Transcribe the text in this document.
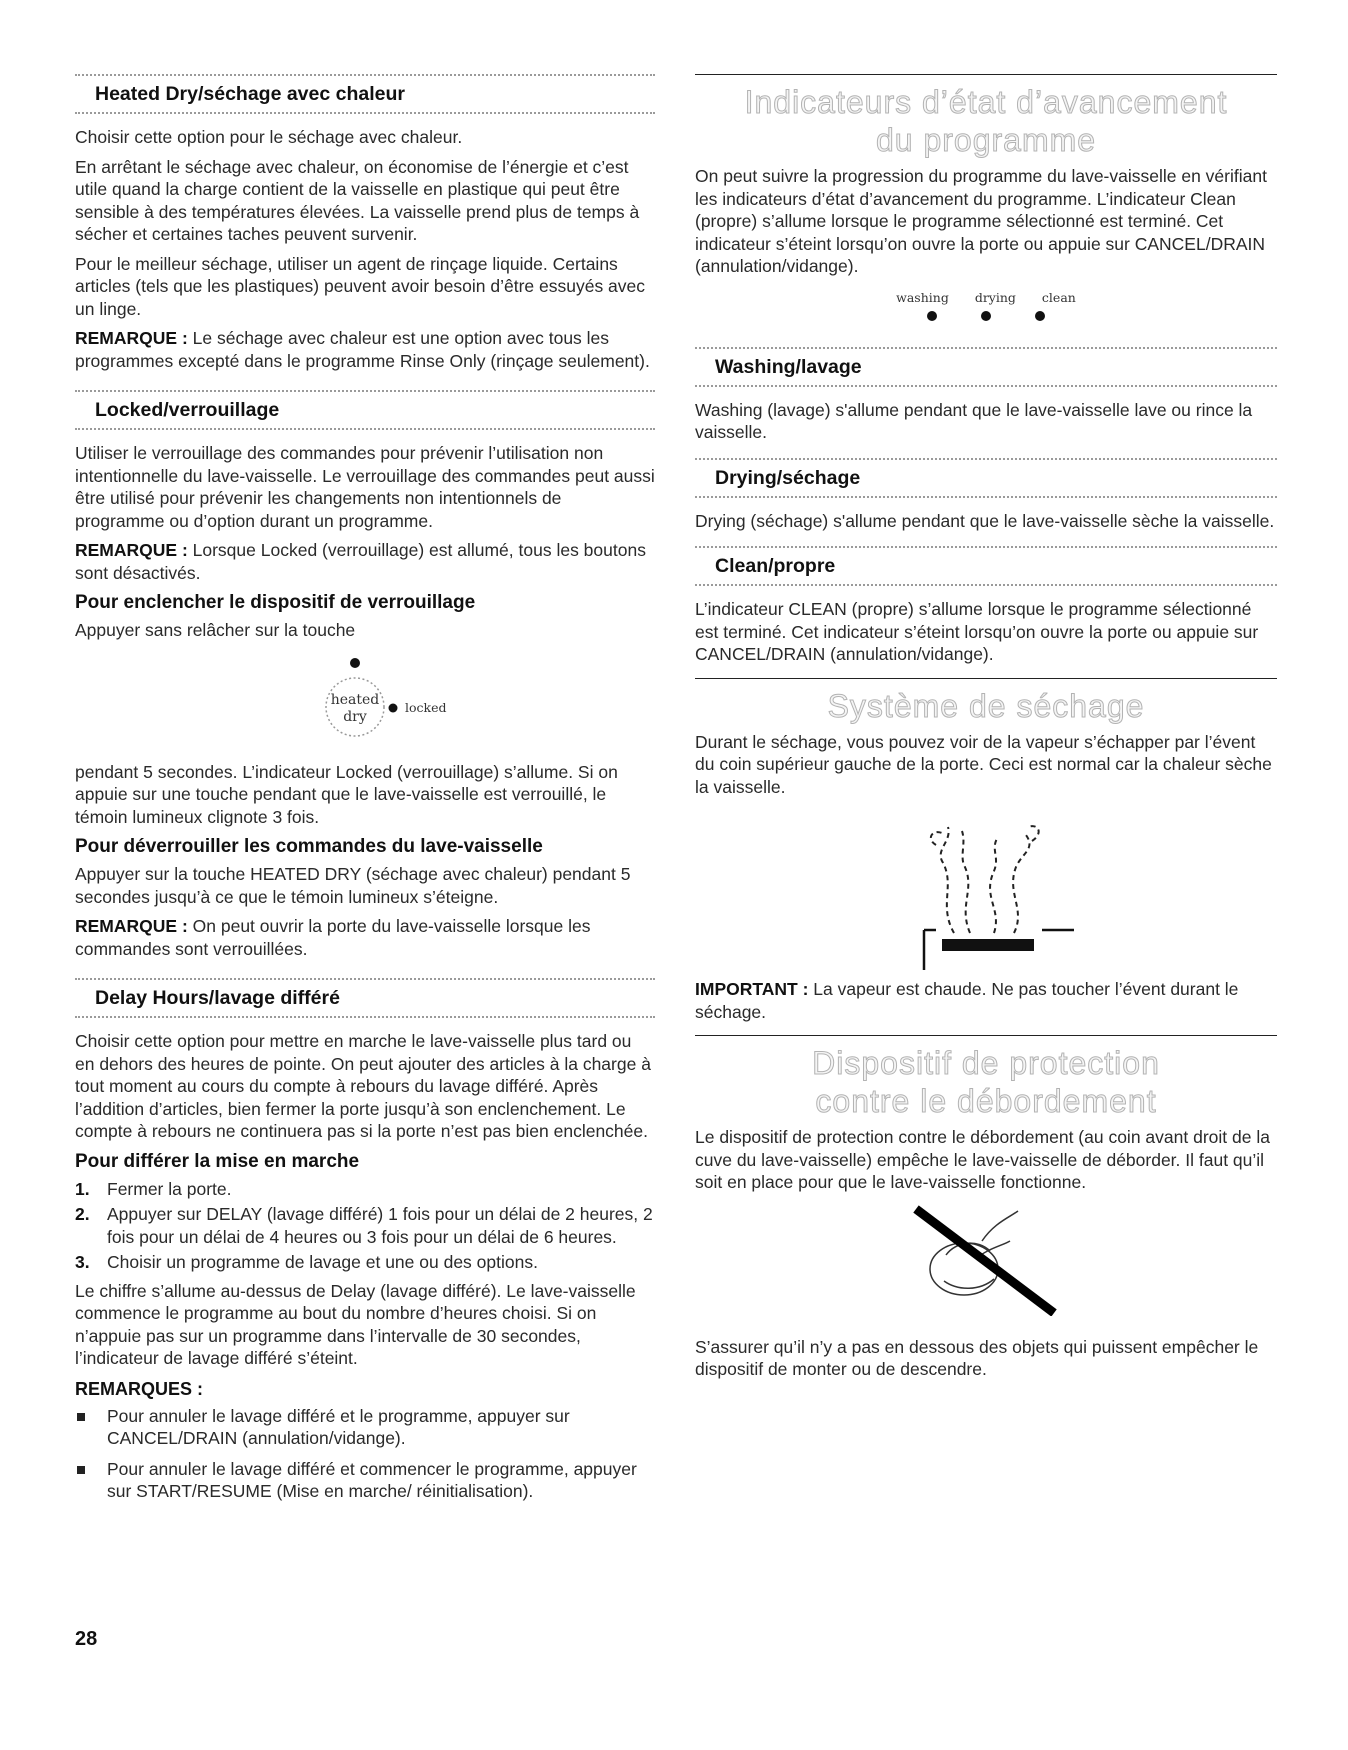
Heated Dry/séchage avec chaleur

Choisir cette option pour le séchage avec chaleur.

En arrêtant le séchage avec chaleur, on économise de l’énergie et c’est utile quand la charge contient de la vaisselle en plastique qui peut être sensible à des températures élevées. La vaisselle prend plus de temps à sécher et certaines taches peuvent survenir.

Pour le meilleur séchage, utiliser un agent de rinçage liquide. Certains articles (tels que les plastiques) peuvent avoir besoin d’être essuyés avec un linge.

REMARQUE : Le séchage avec chaleur est une option avec tous les programmes excepté dans le programme Rinse Only (rinçage seulement).

Locked/verrouillage

Utiliser le verrouillage des commandes pour prévenir l’utilisation non intentionnelle du lave-vaisselle. Le verrouillage des commandes peut aussi être utilisé pour prévenir les changements non intentionnels de programme ou d’option durant un programme.

REMARQUE : Lorsque Locked (verrouillage) est allumé, tous les boutons sont désactivés.

Pour enclencher le dispositif de verrouillage

Appuyer sans relâcher sur la touche

heated
dry
locked

pendant 5 secondes. L’indicateur Locked (verrouillage) s’allume. Si on appuie sur une touche pendant que le lave-vaisselle est verrouillé, le témoin lumineux clignote 3 fois.

Pour déverrouiller les commandes du lave-vaisselle

Appuyer sur la touche HEATED DRY (séchage avec chaleur) pendant 5 secondes jusqu’à ce que le témoin lumineux s’éteigne.

REMARQUE : On peut ouvrir la porte du lave-vaisselle lorsque les commandes sont verrouillées.

Delay Hours/lavage différé

Choisir cette option pour mettre en marche le lave-vaisselle plus tard ou en dehors des heures de pointe. On peut ajouter des articles à la charge à tout moment au cours du compte à rebours du lavage différé. Après l’addition d’articles, bien fermer la porte jusqu’à son enclenchement. Le compte à rebours ne continuera pas si la porte n’est pas bien enclenchée.

Pour différer la mise en marche
1. Fermer la porte.
2. Appuyer sur DELAY (lavage différé) 1 fois pour un délai de 2 heures, 2 fois pour un délai de 4 heures ou 3 fois pour un délai de 6 heures.
3. Choisir un programme de lavage et une ou des options.

Le chiffre s’allume au-dessus de Delay (lavage différé). Le lave-vaisselle commence le programme au bout du nombre d’heures choisi. Si on n’appuie pas sur un programme dans l’intervalle de 30 secondes, l’indicateur de lavage différé s’éteint.

REMARQUES :
Pour annuler le lavage différé et le programme, appuyer sur CANCEL/DRAIN (annulation/vidange).
Pour annuler le lavage différé et commencer le programme, appuyer sur START/RESUME (Mise en marche/ réinitialisation).
28
Indicateurs d’état d’avancement
du programme

On peut suivre la progression du programme du lave-vaisselle en vérifiant les indicateurs d’état d’avancement du programme. L’indicateur Clean (propre) s’allume lorsque le programme sélectionné est terminé. Cet indicateur s’éteint lorsqu’on ouvre la porte ou appuie sur CANCEL/DRAIN (annulation/vidange).

washing drying clean
Washing/lavage

Washing (lavage) s'allume pendant que le lave-vaisselle lave ou rince la vaisselle.

Drying/séchage

Drying (séchage) s'allume pendant que le lave-vaisselle sèche la vaisselle.

Clean/propre

L’indicateur CLEAN (propre) s’allume lorsque le programme sélectionné est terminé. Cet indicateur s’éteint lorsqu’on ouvre la porte ou appuie sur CANCEL/DRAIN (annulation/vidange).

Système de séchage

Durant le séchage, vous pouvez voir de la vapeur s’échapper par l’évent du coin supérieur gauche de la porte. Ceci est normal car la chaleur sèche la vaisselle.

IMPORTANT : La vapeur est chaude. Ne pas toucher l’évent durant le séchage.

Dispositif de protection
contre le débordement

Le dispositif de protection contre le débordement (au coin avant droit de la cuve du lave-vaisselle) empêche le lave-vaisselle de déborder. Il faut qu’il soit en place pour que le lave-vaisselle fonctionne.

S’assurer qu’il n’y a pas en dessous des objets qui puissent empêcher le dispositif de monter ou de descendre.
